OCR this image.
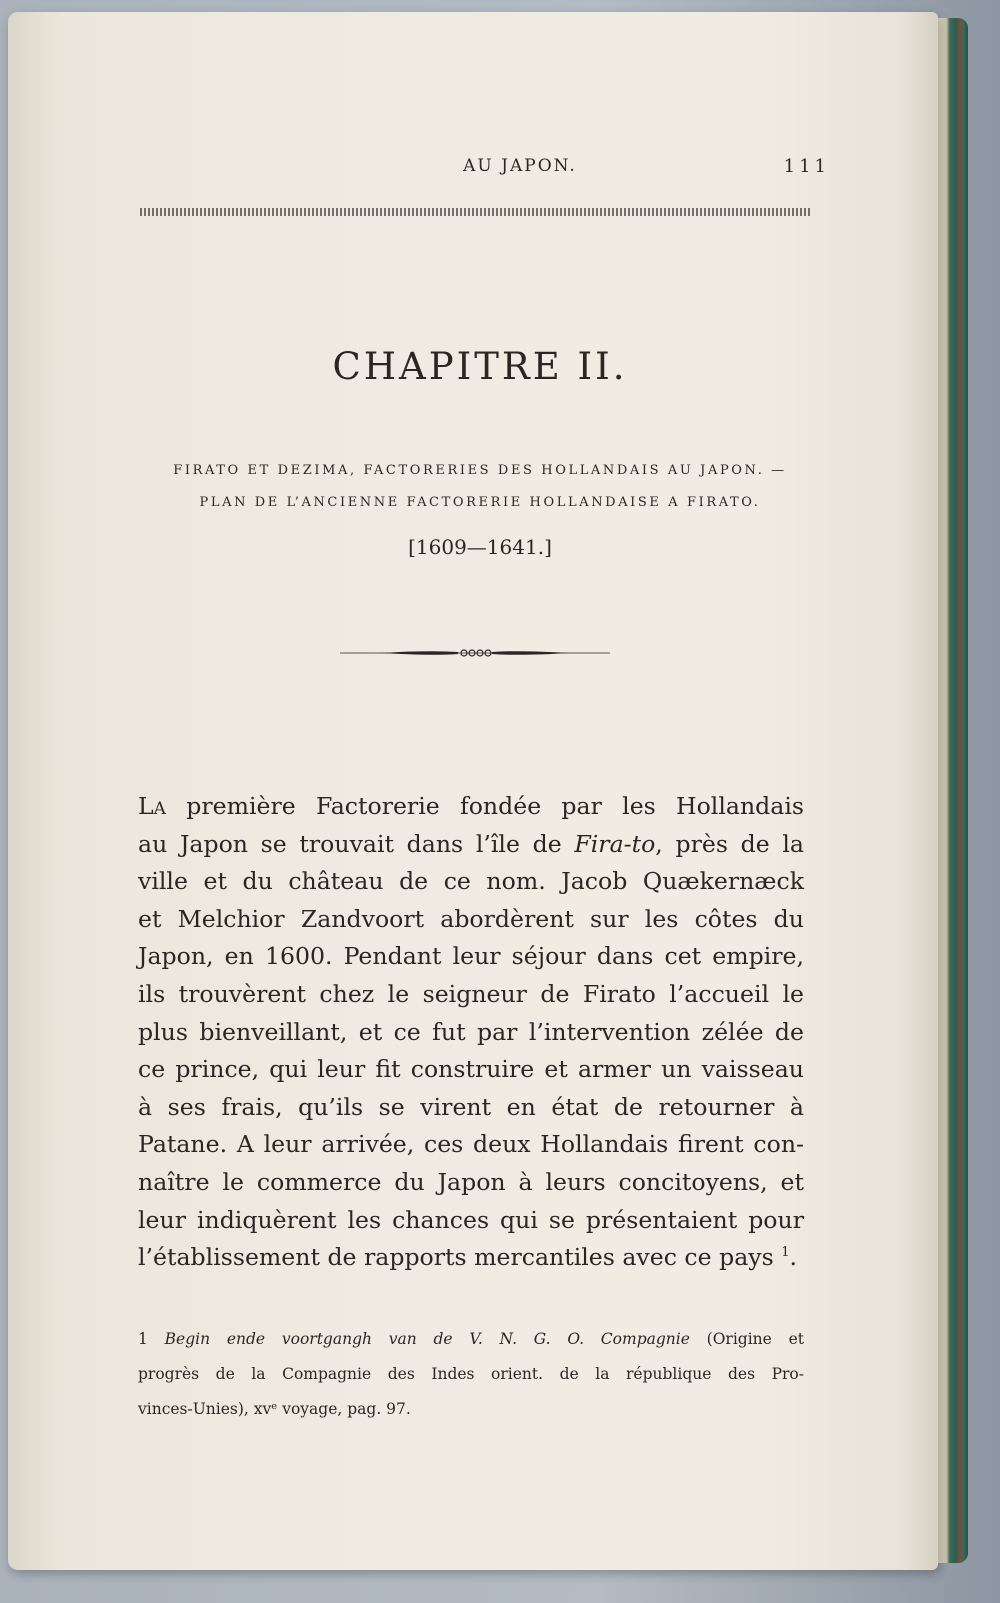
AU JAPON.	111
CHAPITRE II.
FIRATO ET DEZIMA, FACTORERIES DES HOLLANDAIS AU JAPON. —
PLAN DE L’ANCIENNE FACTORERIE HOLLANDAISE A FIRATO.
[1609—1641.]
La première Factorerie fondée par les Hollandais
au Japon se trouvait dans l’île de Fira-to, près de la
ville et du château de ce nom. Jacob Quækernæck
et Melchior Zandvoort abordèrent sur les côtes du
Japon, en 1600. Pendant leur séjour dans cet empire,
ils trouvèrent chez le seigneur de Firato l’accueil le
plus bienveillant, et ce fut par l’intervention zélée de
ce prince, qui leur fit construire et armer un vaisseau
à ses frais, qu’ils se virent en état de retourner à
Patane. A leur arrivée, ces deux Hollandais firent con-
naître le commerce du Japon à leurs concitoyens, et
leur indiquèrent les chances qui se présentaient pour
l’établissement de rapports mercantiles avec ce pays $^1$.
1 Begin ende voortgangh van de V. N. G. O. Compagnie (Origine et
progrès de la Compagnie des Indes orient. de la république des Pro-
vinces-Unies), xvᵉ voyage, pag. 97.
